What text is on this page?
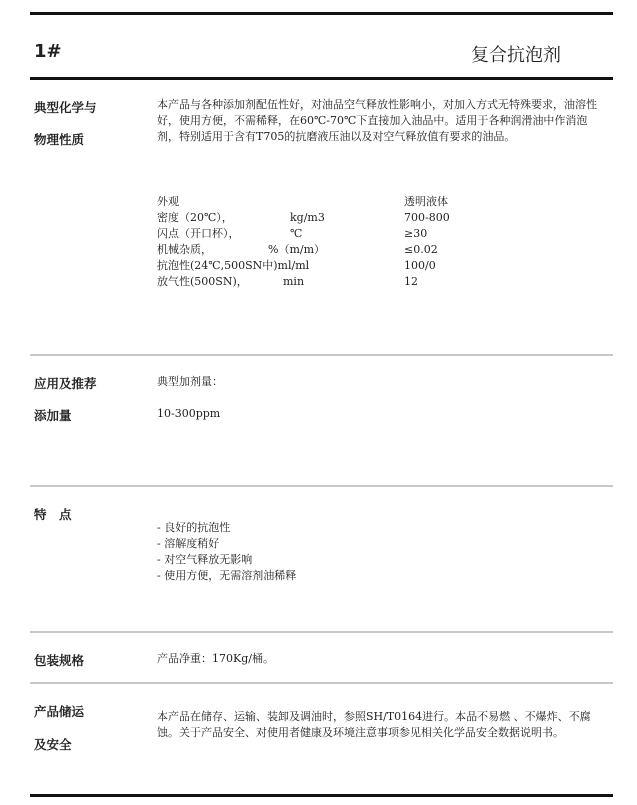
1#	复合抗泡剂
典型化学与
物理性质
本产品与各种添加剂配伍性好，对油品空气释放性影响小，对加入方式无特殊要求，油溶性好，使用方便，不需稀释，在60℃-70℃下直接加入油品中。适用于各种润滑油中作消泡剂，特别适用于含有T705的抗磨液压油以及对空气释放值有要求的油品。
外观	透明液体
密度（20℃），	kg/m3	700-800
闪点（开口杯），	℃	≥30
机械杂质，	%（m/m）	≤0.02
抗泡性(24℃,500SN中)ml/ml	100/0
放气性(500SN)，	min	12
应用及推荐
添加量
典型加剂量：
10-300ppm
特　点
- 良好的抗泡性
- 溶解度稍好
- 对空气释放无影响
- 使用方便，无需溶剂油稀释
包装规格	产品净重：170Kg/桶。
产品储运
及安全
本产品在储存、运输、装卸及调油时，参照SH/T0164进行。本品不易燃 、不爆炸、不腐蚀。关于产品安全、对使用者健康及环境注意事项参见相关化学品安全数据说明书。
